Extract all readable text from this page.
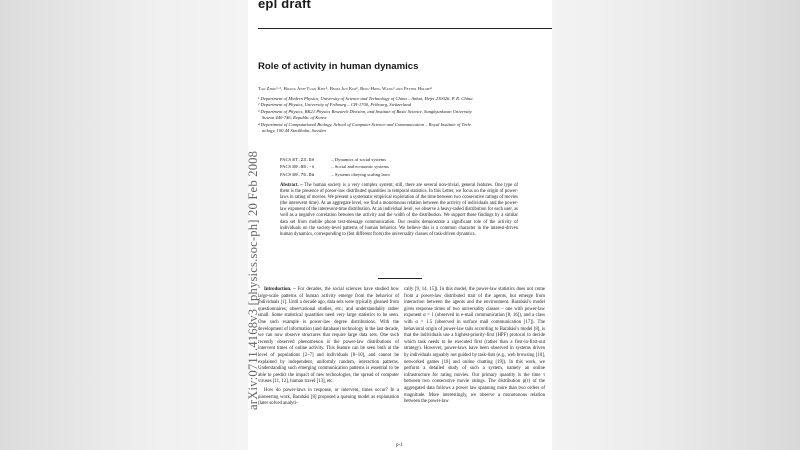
epl draft
Role of activity in human dynamics
Tao Zhou¹·², Hoang Anh-Tuan Kiet³, Beom Jun Kim³, Bing-Hong Wang¹ and Petter Holme⁴
¹ Department of Modern Physics, University of Science and Technology of China – Anhui, Hefei 230026, P. R. China
² Department of Physics, University of Fribourg – CH-1700, Fribourg, Switzerland
³ Department of Physics, BK21 Physics Research Division, and Institute of Basic Science, Sungkyunkwan University
Suwon 440-746, Republic of Korea
⁴ Department of Computational Biology, School of Computer Science and Communication – Royal Institute of Tech-
nology, 100 44 Stockholm, Sweden
arXiv:0711.4168v3 [physics.soc-ph] 20 Feb 2008	PACS 87.23.Ge	– Dynamics of social systems
PACS 89.65.-s	– Social and economic systems
PACS 89.75.Da	– Systems obeying scaling laws
Abstract. – The human society is a very complex system; still, there are several non-trivial, general features. One type of them is the presence of power-law distributed quantities in temporal statistics. In this Letter, we focus on the origin of power-laws in rating of movies. We present a systematic empirical exploration of the time between two consecutive ratings of movies (the interevent time). At an aggregate level, we find a monotonous relation between the activity of individuals and the power-law exponent of the interevent-time distribution. At an individual level, we observe a heavy-tailed distribution for each user, as well as a negative correlation between the activity and the width of the distribution. We support these findings by a similar data set from mobile phone text-message communication. Our results demonstrate a significant role of the activity of individuals on the society-level patterns of human behavior. We believe this is a common character in the interest-driven human dynamics, corresponding to (but different from) the universality classes of task-driven dynamics.

Introduction. – For decades, the social sciences have studied how large-scale patterns of human activity emerge from the behavior of individuals [1]. Until a decade ago, data sets were typically gleaned from questionnaires, observational studies, etc.; and understandably rather small. Some statistical quantities need very large statistics to be seen. One such example is power-law degree distributions. With the development of information (and database) technology in the last decade, we can now observe structures that require large data sets. One such recently observed phenomenon is the power-law distributions of intervent times of online activity. This feature can be seen both at the level of populations [2–7] and individuals [8–10], and cannot be explained by independent, uniformly random, interaction patterns. Understanding such emerging communication patterns is essential to be able to predict the impact of new technologies, the spread of computer viruses [11, 12], human travel [13], etc.

How do power-laws in response, or intervent, times occur? In a pioneering work, Barabási [8] proposed a queuing model as explanation (later solved analyti-

cally [9, 14, 15]). In this model, the power-law statistics does not come from a power-law distributed trait of the agents, but emerge from interaction between the agents and the environment. Barabási's model gives response times of two universality classes – one with power-law exponent α = 1 (observed in e-mail communication [8, 16]), and a class with α = 1.5 (observed in surface mail communication [17]). The behavioral origin of power-law tails according to Barabási's model [8], is that the individuals use a highest-priority-first (HPF) protocol to decide which task needs to be executed first (rather than a first-in-first-out strategy). However, power-laws have been observed in systems driven by individuals arguably not guided by task-lists (e.g., web browsing [10], networked games [18] and online chatting [19]). In this work, we perform a detailed study of such a system, namely an online infrastructure for rating movies. Our primary quantity is the time τ between two consecutive movie ratings. The distribution p(τ) of the aggregated data follows a power law spanning more than two orders of magnitude. More interestingly, we observe a monotonous relation between the power-law

p-1
